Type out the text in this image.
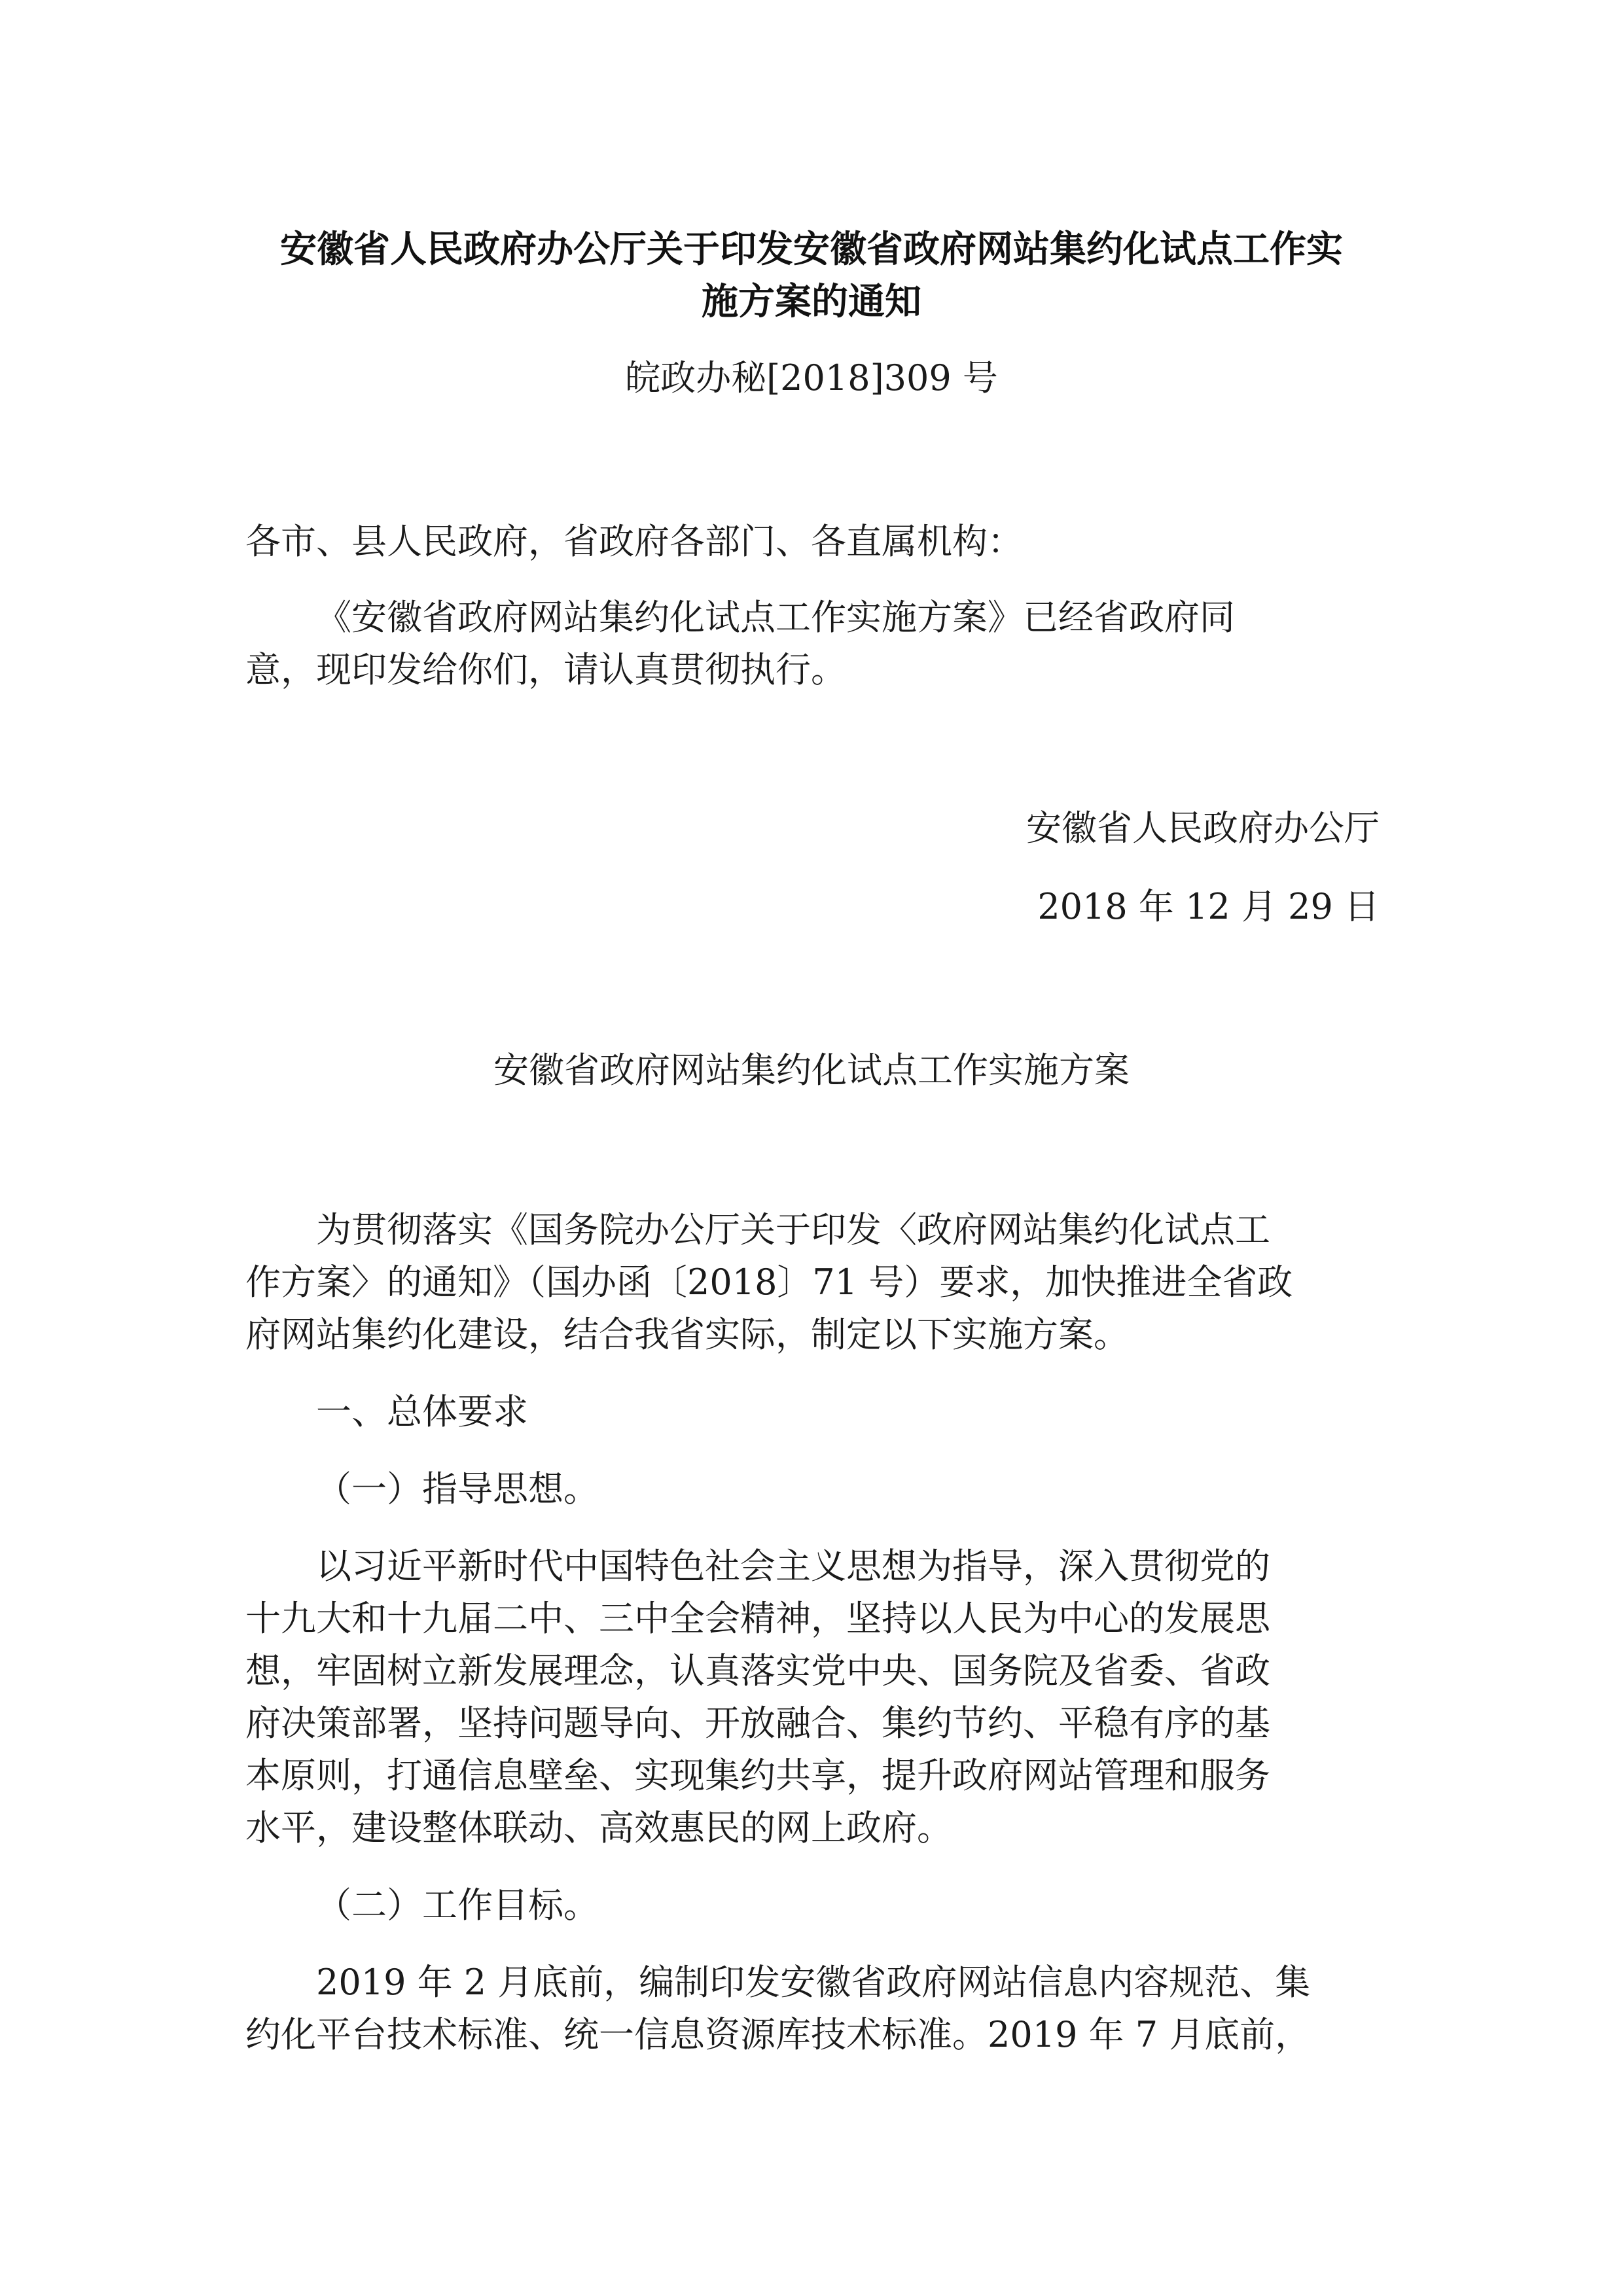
安徽省人民政府办公厅关于印发安徽省政府网站集约化试点工作实
施方案的通知
皖政办秘[2018]309 号

各市、县人民政府，省政府各部门、各直属机构：

《安徽省政府网站集约化试点工作实施方案》已经省政府同

意，现印发给你们，请认真贯彻执行。

安徽省人民政府办公厅
2018 年 12 月 29 日
安徽省政府网站集约化试点工作实施方案

为贯彻落实《国务院办公厅关于印发〈政府网站集约化试点工

作方案〉的通知》（国办函〔2018〕71 号）要求，加快推进全省政

府网站集约化建设，结合我省实际，制定以下实施方案。

一、总体要求

（一）指导思想。

以习近平新时代中国特色社会主义思想为指导，深入贯彻党的

十九大和十九届二中、三中全会精神，坚持以人民为中心的发展思

想，牢固树立新发展理念，认真落实党中央、国务院及省委、省政

府决策部署，坚持问题导向、开放融合、集约节约、平稳有序的基

本原则，打通信息壁垒、实现集约共享，提升政府网站管理和服务

水平，建设整体联动、高效惠民的网上政府。

（二）工作目标。

2019 年 2 月底前，编制印发安徽省政府网站信息内容规范、集

约化平台技术标准、统一信息资源库技术标准。2019 年 7 月底前，
